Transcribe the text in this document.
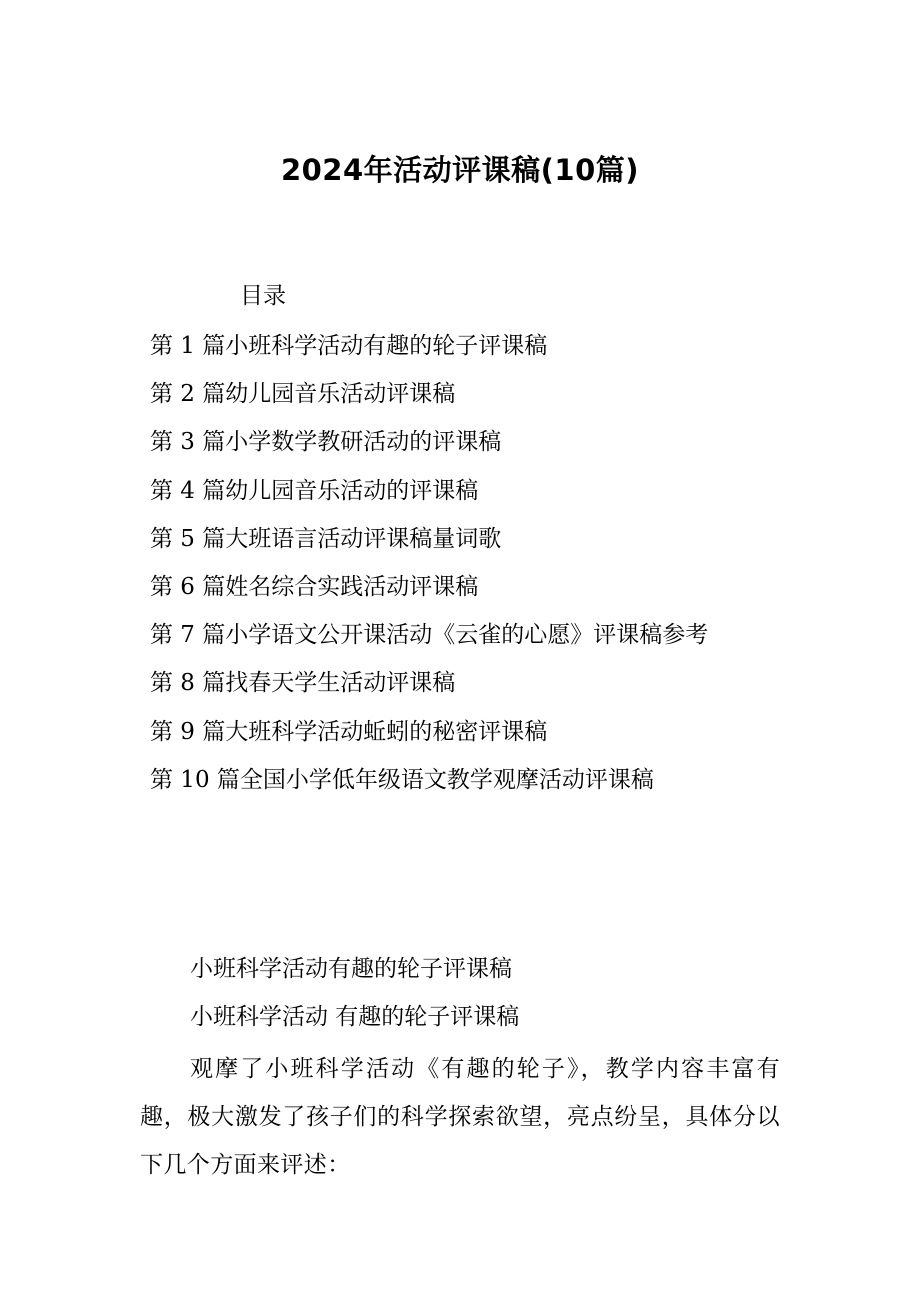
2024年活动评课稿(10篇)
目录
第 1 篇小班科学活动有趣的轮子评课稿
第 2 篇幼儿园音乐活动评课稿
第 3 篇小学数学教研活动的评课稿
第 4 篇幼儿园音乐活动的评课稿
第 5 篇大班语言活动评课稿量词歌
第 6 篇姓名综合实践活动评课稿
第 7 篇小学语文公开课活动《云雀的心愿》评课稿参考
第 8 篇找春天学生活动评课稿
第 9 篇大班科学活动蚯蚓的秘密评课稿
第 10 篇全国小学低年级语文教学观摩活动评课稿
小班科学活动有趣的轮子评课稿
小班科学活动 有趣的轮子评课稿

观摩了小班科学活动《有趣的轮子》，教学内容丰富有趣，极大激发了孩子们的科学探索欲望，亮点纷呈，具体分以下几个方面来评述：
